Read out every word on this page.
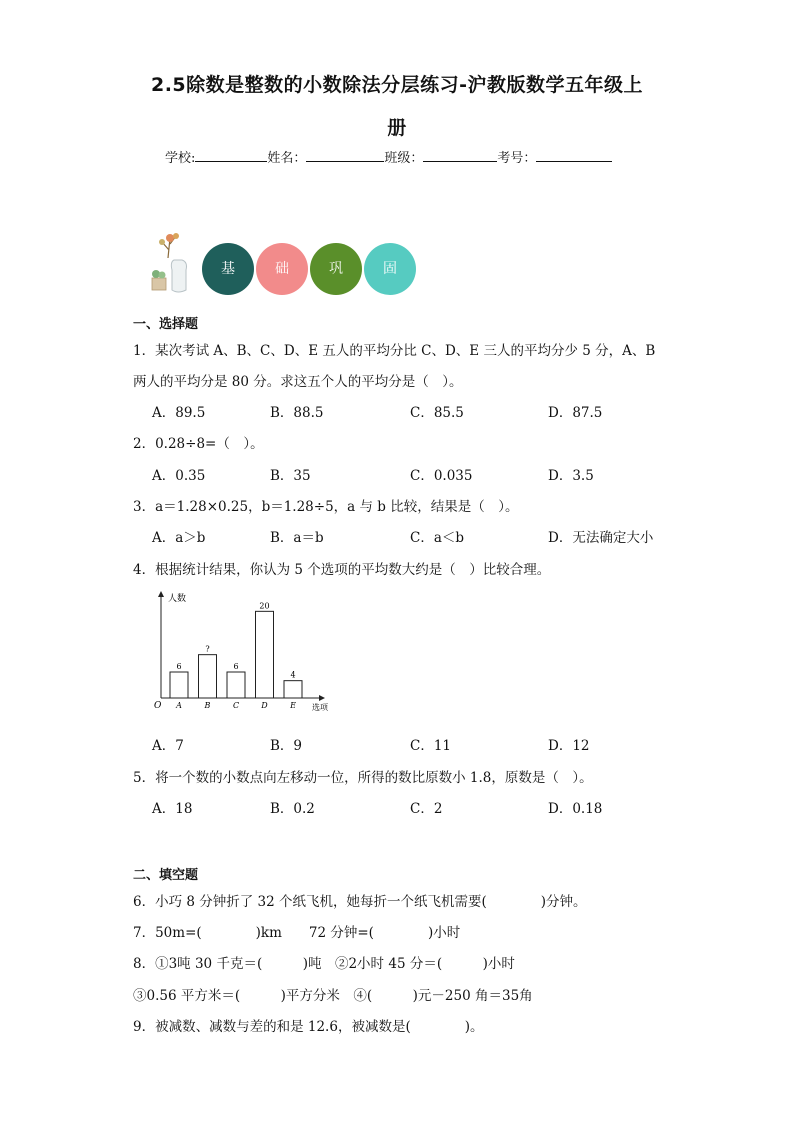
2.5除数是整数的小数除法分层练习-沪教版数学五年级上
册
学校:	姓名：	班级：	考号：
基	础	巩	固
一、选择题
1．某次考试 A、B、C、D、E 五人的平均分比 C、D、E 三人的平均分少 5 分，A、B
两人的平均分是 80 分。求这五个人的平均分是（　）。
A．89.5	B．88.5	C．85.5	D．87.5
2．0.28÷8=（　）。
A．0.35	B．35	C．0.035	D．3.5
3．a＝1.28×0.25，b＝1.28÷5，a 与 b 比较，结果是（　）。
A．a＞b	B．a＝b	C．a＜b	D．无法确定大小
4．根据统计结果，你认为 5 个选项的平均数大约是（　）比较合理。
人数
选项
O
6
A
?
B
6
C
20
D
4
E
A．7	B．9	C．11	D．12
5．将一个数的小数点向左移动一位，所得的数比原数小 1.8，原数是（　）。
A．18	B．0.2	C．2	D．0.18
二、填空题
6．小巧 8 分钟折了 32 个纸飞机，她每折一个纸飞机需要(　　　　)分钟。
7．50m=(　　　　)km　　72 分钟=(　　　　)小时
8．①3吨 30 千克＝(　　　)吨　②2小时 45 分＝(　　　)小时
③0.56 平方米＝(　　　)平方分米　④(　　　)元－250 角＝35角
9．被减数、减数与差的和是 12.6，被减数是(　　　　)。
